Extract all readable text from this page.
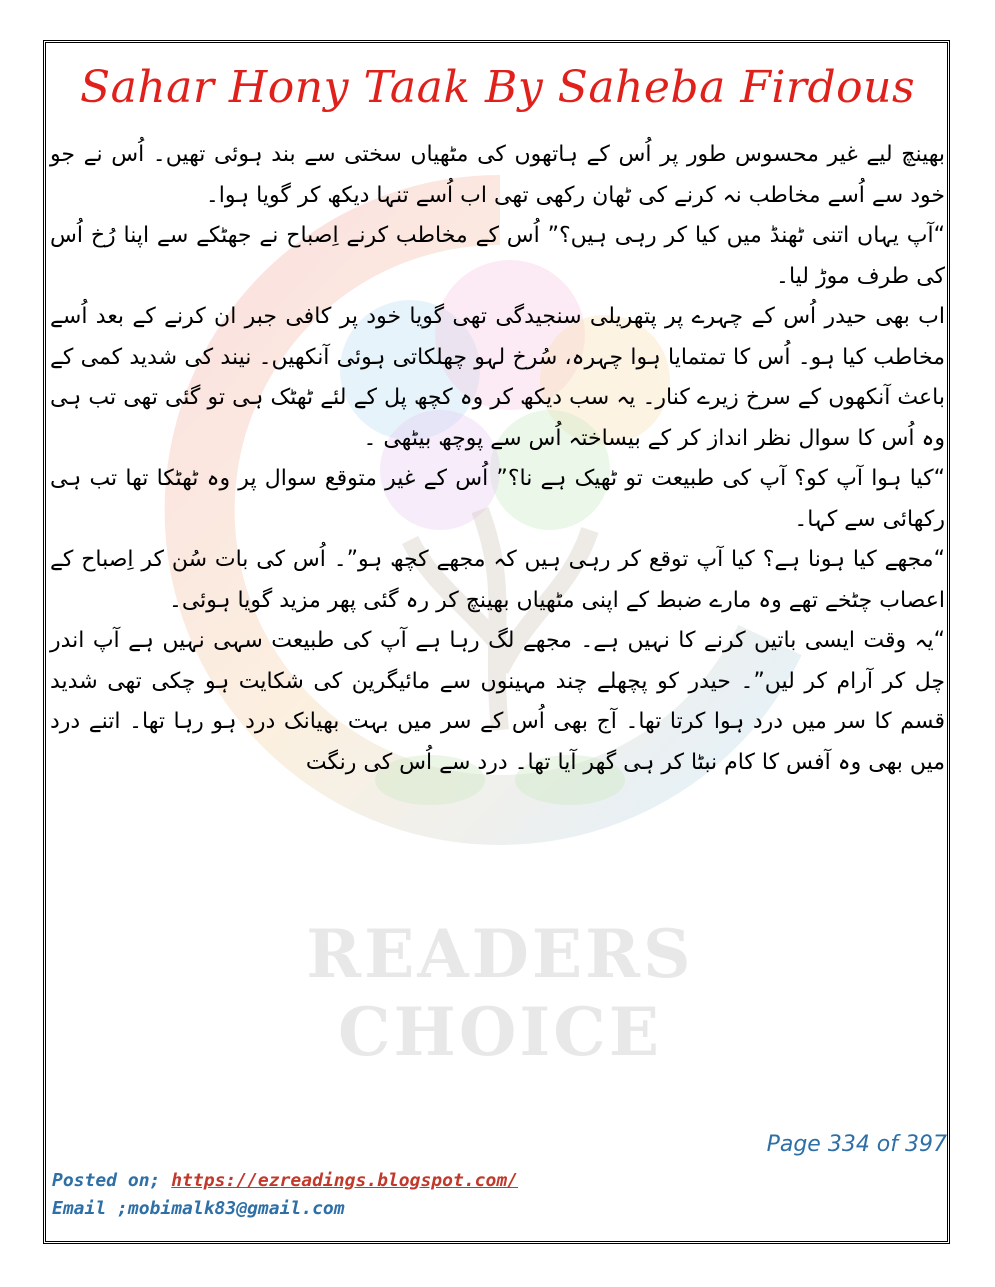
READERS CHOICE
Sahar Hony Taak By Saheba Firdous

بھینچ لیے غیر محسوس طور پر اُس کے ہاتھوں کی مٹھیاں سختی سے بند ہوئی تھیں۔ اُس نے جو خود سے اُسے مخاطب نہ کرنے کی ٹھان رکھی تھی اب اُسے تنہا دیکھ کر گویا ہوا۔

“آپ یہاں اتنی ٹھنڈ میں کیا کر رہی ہیں؟” اُس کے مخاطب کرنے اِصباح نے جھٹکے سے اپنا رُخ اُس کی طرف موڑ لیا۔

اب بھی حیدر اُس کے چہرے پر پتھریلی سنجیدگی تھی گویا خود پر کافی جبر ان کرنے کے بعد اُسے مخاطب کیا ہو۔ اُس کا تمتمایا ہوا چہرہ، سُرخ لہو چھلکاتی ہوئی آنکھیں۔ نیند کی شدید کمی کے باعث آنکھوں کے سرخ زیرے کنار۔ یہ سب دیکھ کر وہ کچھ پل کے لئے ٹھٹک ہی تو گئی تھی تب ہی وہ اُس کا سوال نظر انداز کر کے بیساختہ اُس سے پوچھ بیٹھی ۔

“کیا ہوا آپ کو؟ آپ کی طبیعت تو ٹھیک ہے نا؟” اُس کے غیر متوقع سوال پر وہ ٹھٹکا تھا تب ہی رکھائی سے کہا۔

“مجھے کیا ہونا ہے؟ کیا آپ توقع کر رہی ہیں کہ مجھے کچھ ہو”۔ اُس کی بات سُن کر اِصباح کے اعصاب چٹخے تھے وہ مارے ضبط کے اپنی مٹھیاں بھینچ کر رہ گئی پھر مزید گویا ہوئی۔

“یہ وقت ایسی باتیں کرنے کا نہیں ہے۔ مجھے لگ رہا ہے آپ کی طبیعت سہی نہیں ہے آپ اندر چل کر آرام کر لیں”۔ حیدر کو پچھلے چند مہینوں سے مائیگرین کی شکایت ہو چکی تھی شدید قسم کا سر میں درد ہوا کرتا تھا۔ آج بھی اُس کے سر میں بہت بھیانک درد ہو رہا تھا۔ اتنے درد میں بھی وہ آفس کا کام نبٹا کر ہی گھر آیا تھا۔ درد سے اُس کی رنگت

Page 334 of 397
Posted on; https://ezreadings.blogspot.com/
Email ;mobimalk83@gmail.com
